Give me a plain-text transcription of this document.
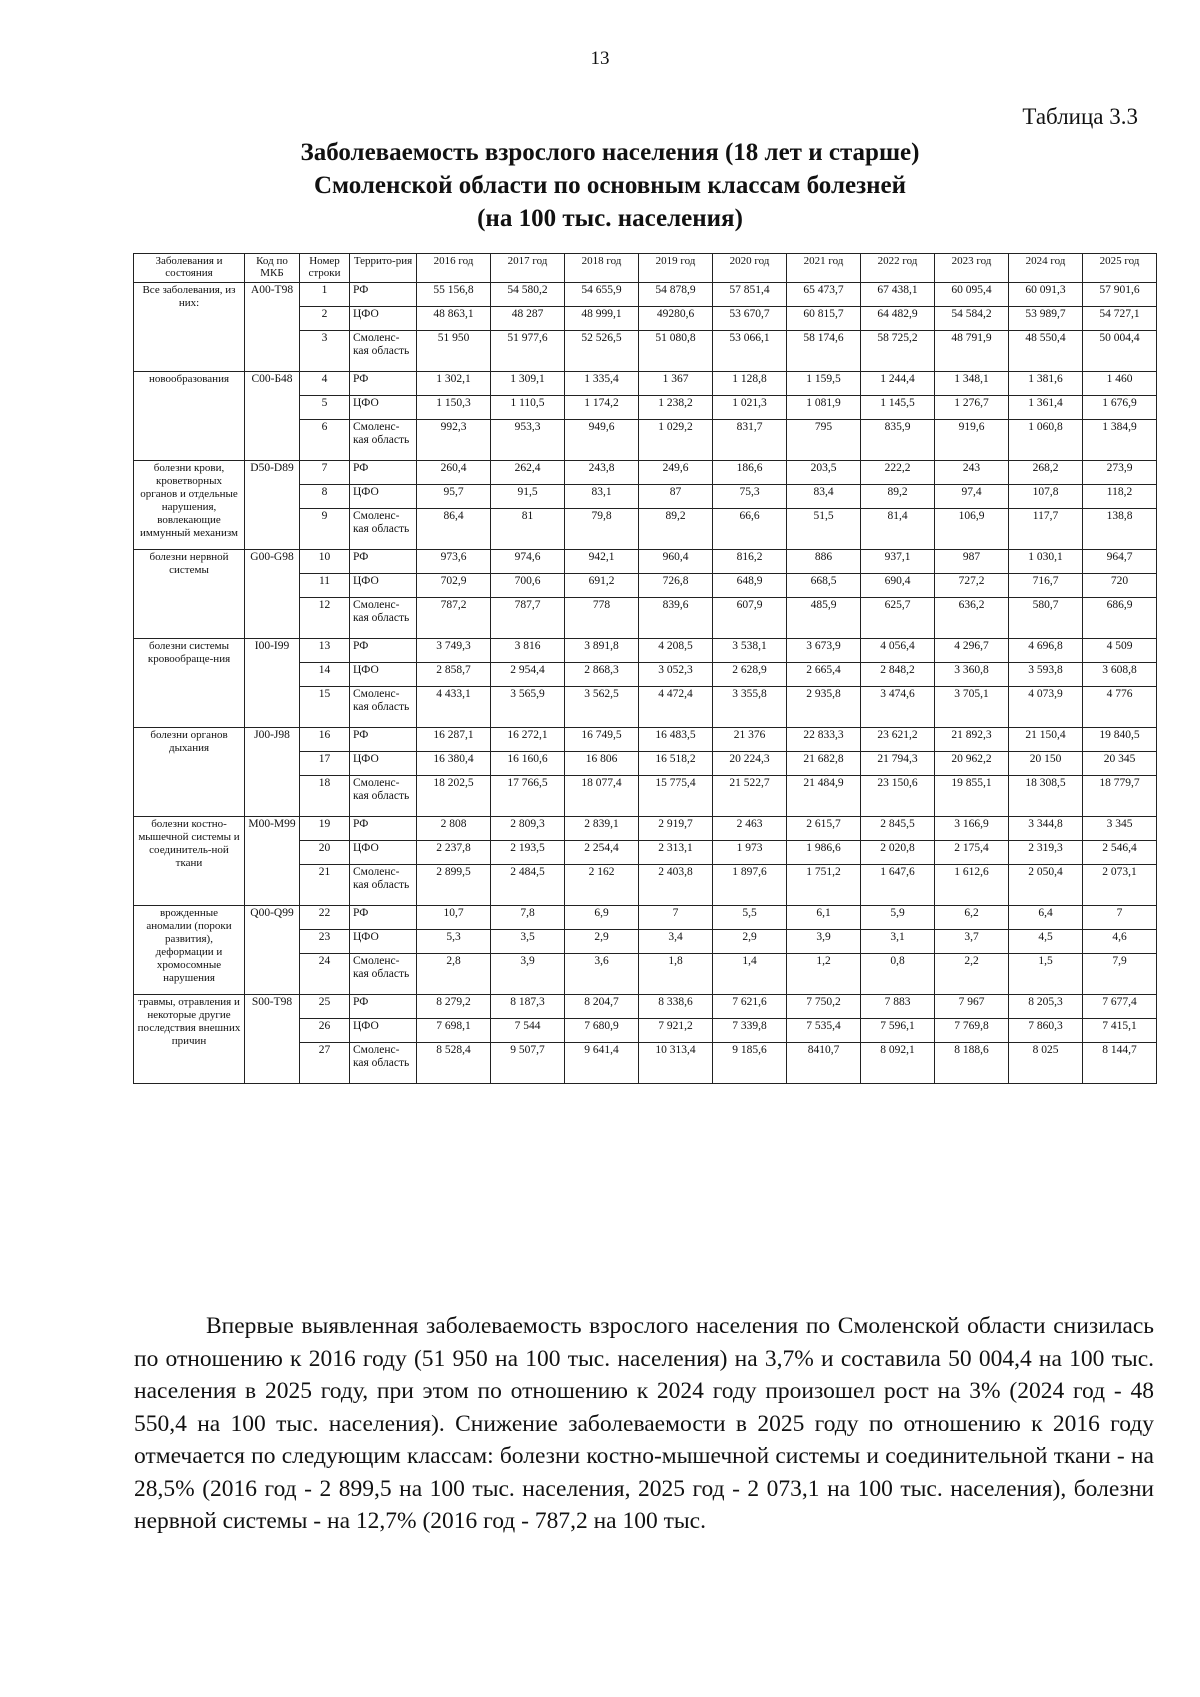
13
Таблица 3.3
Заболеваемость взрослого населения (18 лет и старше)
Смоленской области по основным классам болезней
(на 100 тыс. населения)
Заболевания и состояния	Код по МКБ	Номер строки	Террито-рия	2016 год	2017 год	2018 год	2019 год	2020 год	2021 год	2022 год	2023 год	2024 год	2025 год
Все заболевания, из них:	A00-T98	1	РФ	55 156,8	54 580,2	54 655,9	54 878,9	57 851,4	65 473,7	67 438,1	60 095,4	60 091,3	57 901,6
		2	ЦФО	48 863,1	48 287	48 999,1	49280,6	53 670,7	60 815,7	64 482,9	54 584,2	53 989,7	54 727,1
		3	Смоленс-кая область	51 950	51 977,6	52 526,5	51 080,8	53 066,1	58 174,6	58 725,2	48 791,9	48 550,4	50 004,4
новообразования	C00-Б48	4	РФ	1 302,1	1 309,1	1 335,4	1 367	1 128,8	1 159,5	1 244,4	1 348,1	1 381,6	1 460
		5	ЦФО	1 150,3	1 110,5	1 174,2	1 238,2	1 021,3	1 081,9	1 145,5	1 276,7	1 361,4	1 676,9
		6	Смоленс-кая область	992,3	953,3	949,6	1 029,2	831,7	795	835,9	919,6	1 060,8	1 384,9
болезни крови, кроветворных органов и отдельные нарушения, вовлекающие иммунный механизм	D50-D89	7	РФ	260,4	262,4	243,8	249,6	186,6	203,5	222,2	243	268,2	273,9
		8	ЦФО	95,7	91,5	83,1	87	75,3	83,4	89,2	97,4	107,8	118,2
		9	Смоленс-кая область	86,4	81	79,8	89,2	66,6	51,5	81,4	106,9	117,7	138,8
болезни нервной системы	G00-G98	10	РФ	973,6	974,6	942,1	960,4	816,2	886	937,1	987	1 030,1	964,7
		11	ЦФО	702,9	700,6	691,2	726,8	648,9	668,5	690,4	727,2	716,7	720
		12	Смоленс-кая область	787,2	787,7	778	839,6	607,9	485,9	625,7	636,2	580,7	686,9
болезни системы кровообраще-ния	I00-I99	13	РФ	3 749,3	3 816	3 891,8	4 208,5	3 538,1	3 673,9	4 056,4	4 296,7	4 696,8	4 509
		14	ЦФО	2 858,7	2 954,4	2 868,3	3 052,3	2 628,9	2 665,4	2 848,2	3 360,8	3 593,8	3 608,8
		15	Смоленс-кая область	4 433,1	3 565,9	3 562,5	4 472,4	3 355,8	2 935,8	3 474,6	3 705,1	4 073,9	4 776
болезни органов дыхания	J00-J98	16	РФ	16 287,1	16 272,1	16 749,5	16 483,5	21 376	22 833,3	23 621,2	21 892,3	21 150,4	19 840,5
		17	ЦФО	16 380,4	16 160,6	16 806	16 518,2	20 224,3	21 682,8	21 794,3	20 962,2	20 150	20 345
		18	Смоленс-кая область	18 202,5	17 766,5	18 077,4	15 775,4	21 522,7	21 484,9	23 150,6	19 855,1	18 308,5	18 779,7
болезни костно-мышечной системы и соединитель-ной ткани	M00-M99	19	РФ	2 808	2 809,3	2 839,1	2 919,7	2 463	2 615,7	2 845,5	3 166,9	3 344,8	3 345
		20	ЦФО	2 237,8	2 193,5	2 254,4	2 313,1	1 973	1 986,6	2 020,8	2 175,4	2 319,3	2 546,4
		21	Смоленс-кая область	2 899,5	2 484,5	2 162	2 403,8	1 897,6	1 751,2	1 647,6	1 612,6	2 050,4	2 073,1
врожденные аномалии (пороки развития), деформации и хромосомные нарушения	Q00-Q99	22	РФ	10,7	7,8	6,9	7	5,5	6,1	5,9	6,2	6,4	7
		23	ЦФО	5,3	3,5	2,9	3,4	2,9	3,9	3,1	3,7	4,5	4,6
		24	Смоленс-кая область	2,8	3,9	3,6	1,8	1,4	1,2	0,8	2,2	1,5	7,9
травмы, отравления и некоторые другие последствия внешних причин	S00-T98	25	РФ	8 279,2	8 187,3	8 204,7	8 338,6	7 621,6	7 750,2	7 883	7 967	8 205,3	7 677,4
		26	ЦФО	7 698,1	7 544	7 680,9	7 921,2	7 339,8	7 535,4	7 596,1	7 769,8	7 860,3	7 415,1
		27	Смоленс-кая область	8 528,4	9 507,7	9 641,4	10 313,4	9 185,6	8410,7	8 092,1	8 188,6	8 025	8 144,7

Впервые выявленная заболеваемость взрослого населения по Смоленской области снизилась по отношению к 2016 году (51 950 на 100 тыс. населения) на 3,7% и составила 50 004,4 на 100 тыс. населения в 2025 году, при этом по отношению к 2024 году произошел рост на 3% (2024 год - 48 550,4 на 100 тыс. населения). Снижение заболеваемости в 2025 году по отношению к 2016 году отмечается по следующим классам: болезни костно-мышечной системы и соединительной ткани - на 28,5% (2016 год - 2 899,5 на 100 тыс. населения, 2025 год - 2 073,1 на 100 тыс. населения), болезни нервной системы - на 12,7% (2016 год - 787,2 на 100 тыс.
